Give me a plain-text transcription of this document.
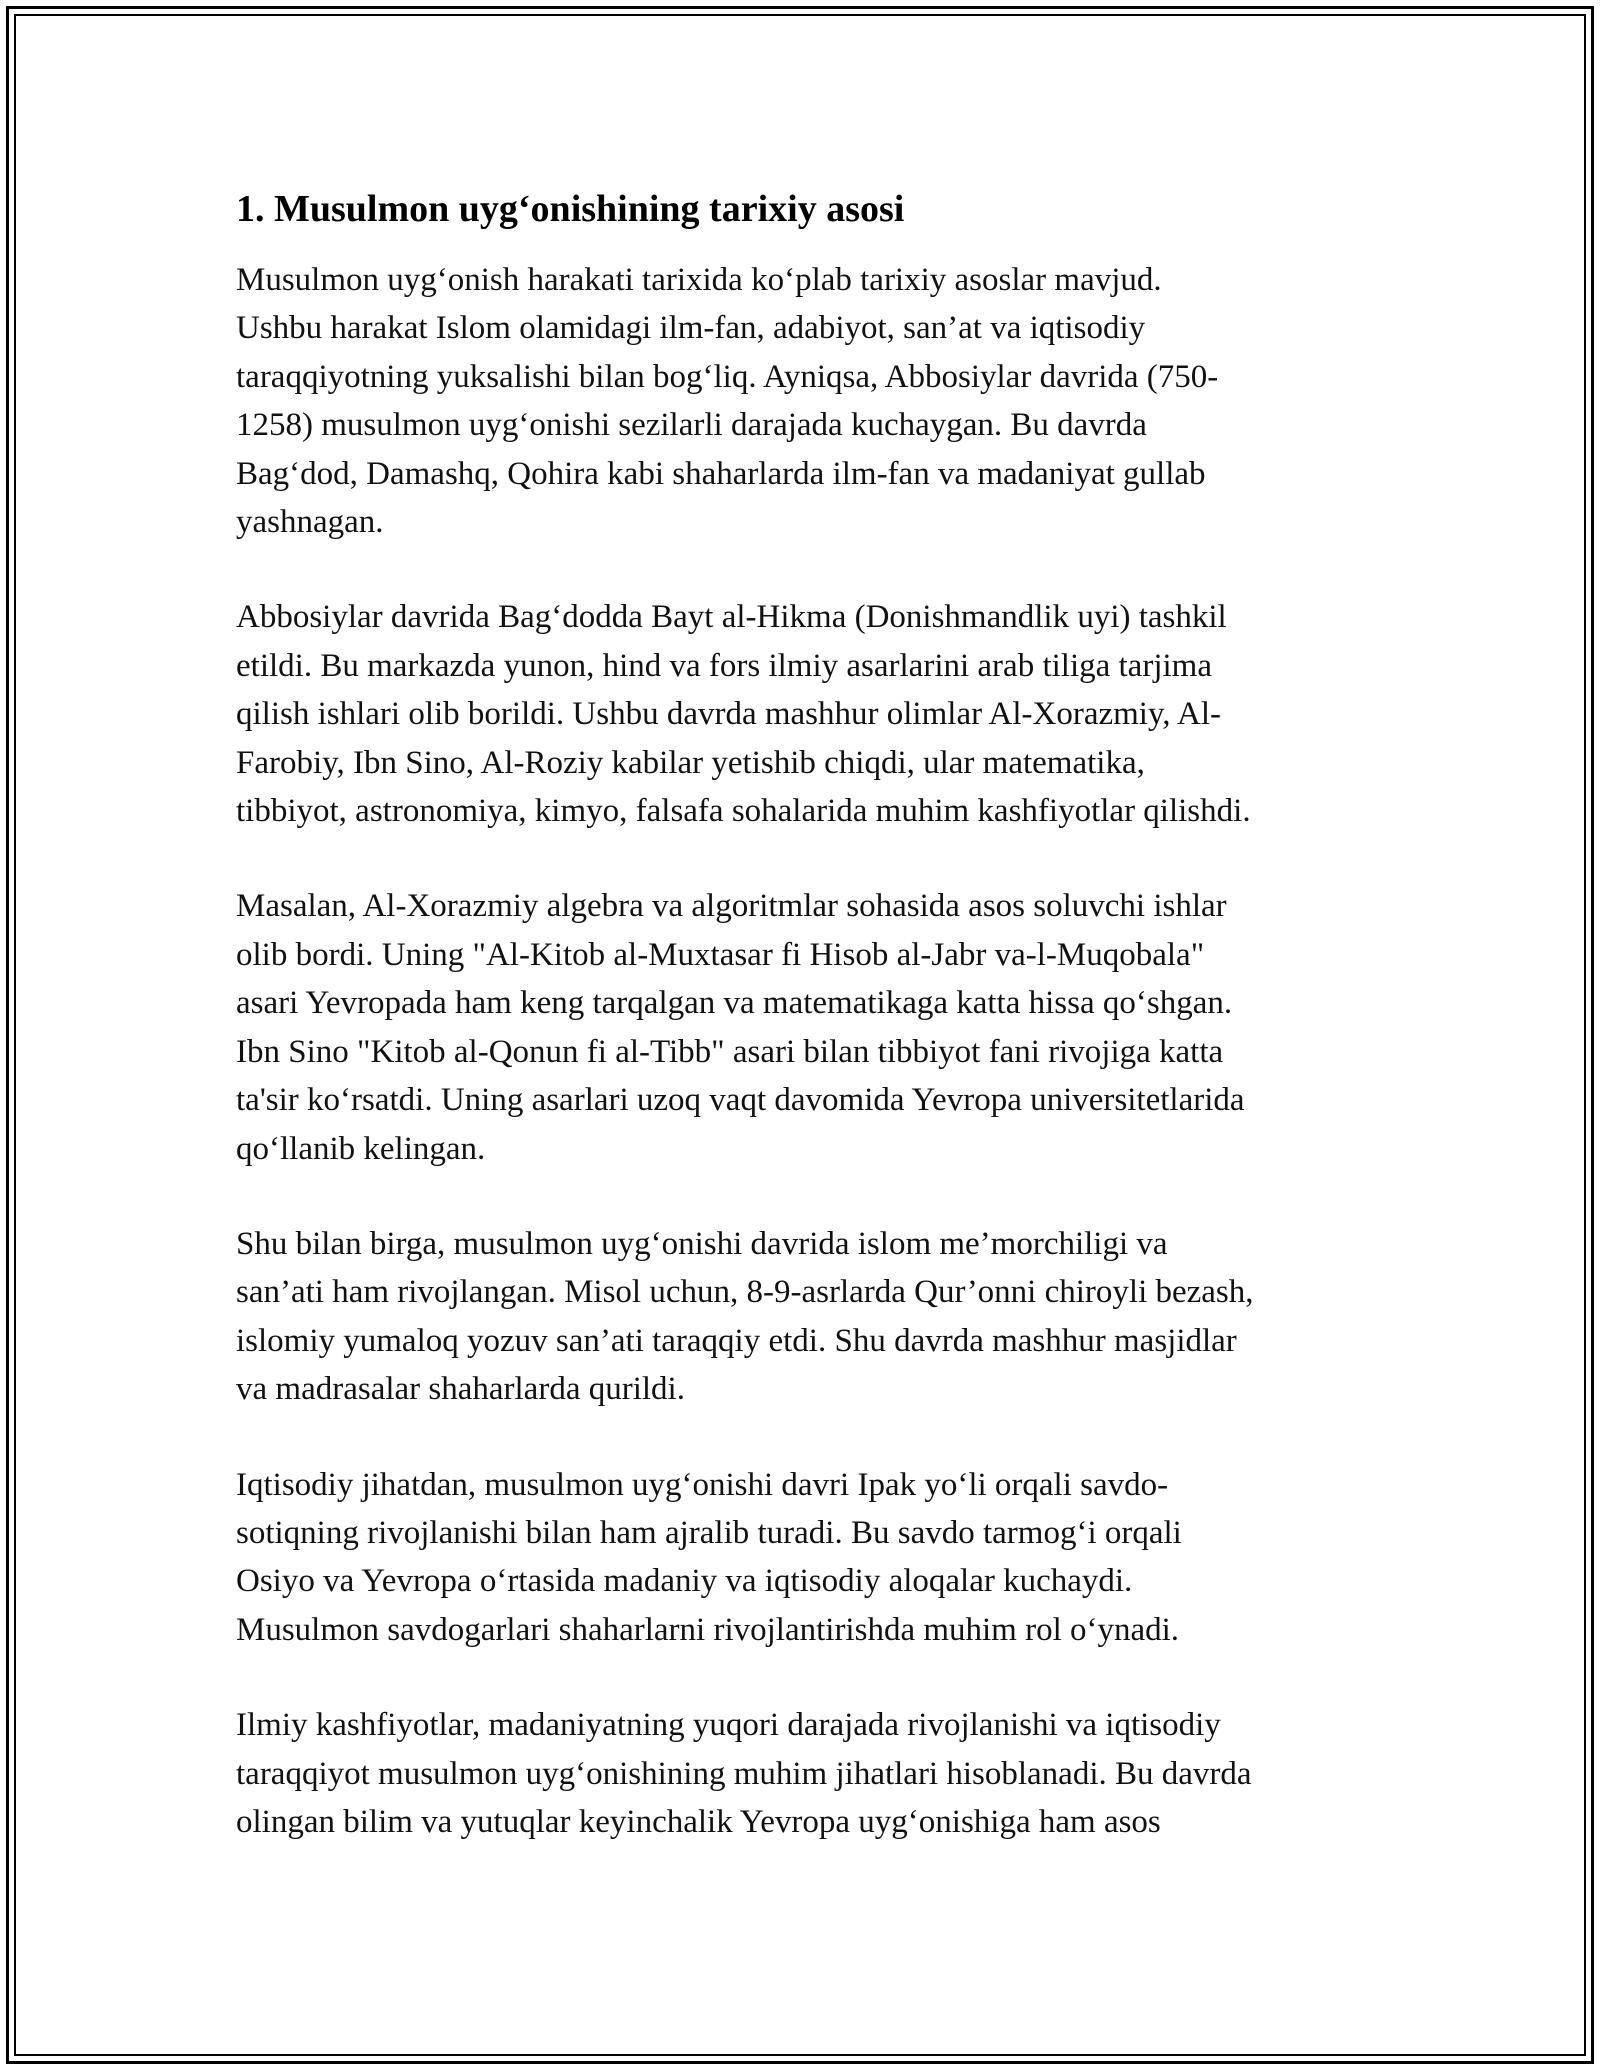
1. Musulmon uyg‘onishining tarixiy asosi
Musulmon uyg‘onish harakati tarixida ko‘plab tarixiy asoslar mavjud.
Ushbu harakat Islom olamidagi ilm-fan, adabiyot, san’at va iqtisodiy
taraqqiyotning yuksalishi bilan bog‘liq. Ayniqsa, Abbosiylar davrida (750-
1258) musulmon uyg‘onishi sezilarli darajada kuchaygan. Bu davrda
Bag‘dod, Damashq, Qohira kabi shaharlarda ilm-fan va madaniyat gullab
yashnagan.
Abbosiylar davrida Bag‘dodda Bayt al-Hikma (Donishmandlik uyi) tashkil
etildi. Bu markazda yunon, hind va fors ilmiy asarlarini arab tiliga tarjima
qilish ishlari olib borildi. Ushbu davrda mashhur olimlar Al-Xorazmiy, Al-
Farobiy, Ibn Sino, Al-Roziy kabilar yetishib chiqdi, ular matematika,
tibbiyot, astronomiya, kimyo, falsafa sohalarida muhim kashfiyotlar qilishdi.
Masalan, Al-Xorazmiy algebra va algoritmlar sohasida asos soluvchi ishlar
olib bordi. Uning "Al-Kitob al-Muxtasar fi Hisob al-Jabr va-l-Muqobala"
asari Yevropada ham keng tarqalgan va matematikaga katta hissa qo‘shgan.
Ibn Sino "Kitob al-Qonun fi al-Tibb" asari bilan tibbiyot fani rivojiga katta
ta'sir ko‘rsatdi. Uning asarlari uzoq vaqt davomida Yevropa universitetlarida
qo‘llanib kelingan.
Shu bilan birga, musulmon uyg‘onishi davrida islom me’morchiligi va
san’ati ham rivojlangan. Misol uchun, 8-9-asrlarda Qur’onni chiroyli bezash,
islomiy yumaloq yozuv san’ati taraqqiy etdi. Shu davrda mashhur masjidlar
va madrasalar shaharlarda qurildi.
Iqtisodiy jihatdan, musulmon uyg‘onishi davri Ipak yo‘li orqali savdo-
sotiqning rivojlanishi bilan ham ajralib turadi. Bu savdo tarmog‘i orqali
Osiyo va Yevropa o‘rtasida madaniy va iqtisodiy aloqalar kuchaydi.
Musulmon savdogarlari shaharlarni rivojlantirishda muhim rol o‘ynadi.
Ilmiy kashfiyotlar, madaniyatning yuqori darajada rivojlanishi va iqtisodiy
taraqqiyot musulmon uyg‘onishining muhim jihatlari hisoblanadi. Bu davrda
olingan bilim va yutuqlar keyinchalik Yevropa uyg‘onishiga ham asos
